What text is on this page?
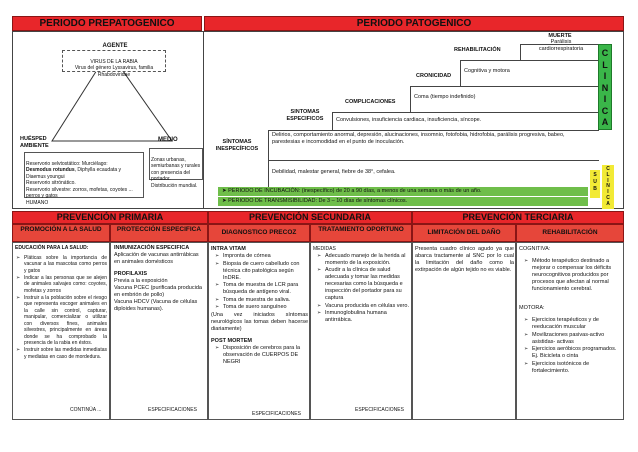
PERIODO PREPATOGENICO	PERIODO PATOGENICO
AGENTE

VIRUS DE LA RABIA
Virus del género Lyssavirus, familia Rhabdoviridae

HUÉSPED AMBIENTE
MEDIO

Reservorio selvtostático: Murciélago:
Desmodus rotundus, Diphylla ecaudata y Diaemus youngui
Reservorio sitrónático.
Reservorio silvestre: zorros, mofetas, coyotes ... perros y gatos
HUMANO

Zonas urbanas, semiurbanas y rurales con presencia del portador.
Distribución mundial.

MUERTE
Parálisis cardiorrespiratoria
REHABILITACIÓN
Cognitiva y motora
CRONICIDAD
Coma (tiempo indefinido)
COMPLICACIONES
Convulsiones, insuficiencia cardiaca, insuficiencia, síncope.
SINTOMAS ESPECIFICOS
Delirios, comportamiento anormal, depresión, alucinaciones, insomnio, fotofobia, hidrofobia, parálisis progresiva, babeo, parestesias e incomodidad en el punto de inoculación.
SÍNTOMAS INESPECÍFICOS
Debilidad, malestar general, fiebre de 38°, cefalea.
C
L
I
N
I
C
A
S
U
B
C
L
I
N
I
C
A
➤ PERIODO DE INCUBACIÓN: (inespecífico) de 20 a 90 días, a menos de una semana o más de un año.
➤ PERIODO DE TRANSMISIBILIDAD: De 3 – 10 días de síntomas clínicos.
PREVENCIÓN PRIMARIA	PREVENCIÓN SECUNDARIA	PREVENCIÓN TERCIARIA
PROMOCIÓN A LA SALUD	PROTECCIÓN ESPECIFICA	DIAGNOSTICO PRECOZ	TRATAMIENTO OPORTUNO	LIMITACIÓN DEL DAÑO	REHABILITACIÓN
EDUCACIÓN PARA LA SALUD:
➢ Pláticas sobre la importancia de vacunar a las mascotas como perros y gatos
➢ Indicar a las personas que se alejen de animales salvajes como: coyotes, mofetas y zorros
➢ Instruir a la población sobre el riesgo que representa escoger animales en la calle sin control, capturar, manipular, comercializar o utilizar con diversos fines, animales silvestres, principalmente en áreas donde se ha comprobado la presencia de la rabia en éstos.
➢ Instruir sobre las medidas inmediatas y mediatas en caso de mordedura.
CONTINÚA ...
INMUNIZACIÓN ESPECIFICA
Aplicación de vacunas antirrábicas en animales domésticos
PROFILAXIS
Previa a la exposición
Vacuna PCEC (purificada producida en embrión de pollo)
Vacuna HDCV (Vacuna de células diploides humanas).
ESPECIFICACIONES
INTRA VITAM
➢ Impronta de córnea
➢ Biopsia de cuero cabelludo con técnica cito patológica según InDRE.
➢ Toma de muestra de LCR para búsqueda de antígeno viral.
➢ Toma de muestra de saliva.
➢ Toma de suero sanguíneo
(Una vez iniciados síntomas neurológicos las tomas deben hacerse diariamente)
POST MORTEM
➢ Disposición de cerebros para la observación de CUERPOS DE NEGRI
ESPECIFICACIONES
MEDIDAS
➢ Adecuado manejo de la herida al momento de la exposición.
➢ Acudir a la clínica de salud adecuada y tomar las medidas necesarias como la búsqueda e inspección del portador para su captura
➢ Vacuna producida en células vero.
➢ Inmunoglobulina humana antirrábica.
ESPECIFICACIONES
Presenta cuadro clínico agudo ya que abarca tractamente al SNC por lo cual la limitación del daño como la extirpación de algún tejido no es viable.
COGNITIVA:
➢ Método terapéutico destinado a mejorar o compensar los déficits neurocognitivos producidos por procesos que afectan al normal funcionamiento cerebral.
MOTORA:
➢ Ejercicios terapéuticos y de reeducación muscular
➢ Movilizaciones pasivas-activo asistidas- activas
➢ Ejercicios aeróbicos programados. Ej. Bicicleta o cinta
➢ Ejercicios isotónicos de fortalecimiento.
